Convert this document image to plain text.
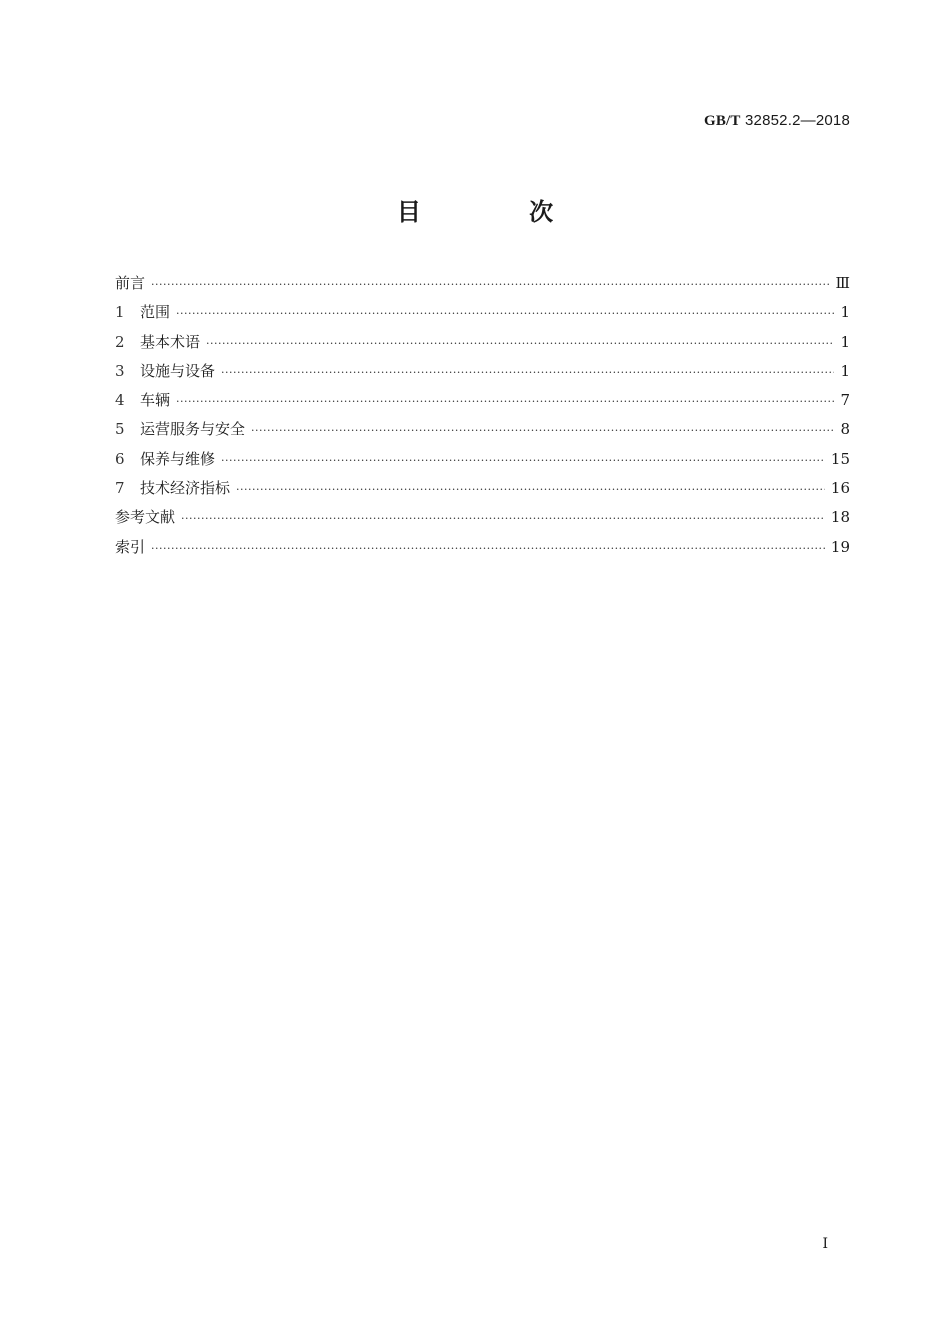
GB/T 32852.2—2018
目 次
前言 ·····	Ⅲ
1	范围 ·····	1
2	基本术语 ·····	1
3	设施与设备 ·····	1
4	车辆 ·····	7
5	运营服务与安全 ·····	8
6	保养与维修 ·····	15
7	技术经济指标 ·····	16
参考文献 ·····	18
索引 ·····	19
I
